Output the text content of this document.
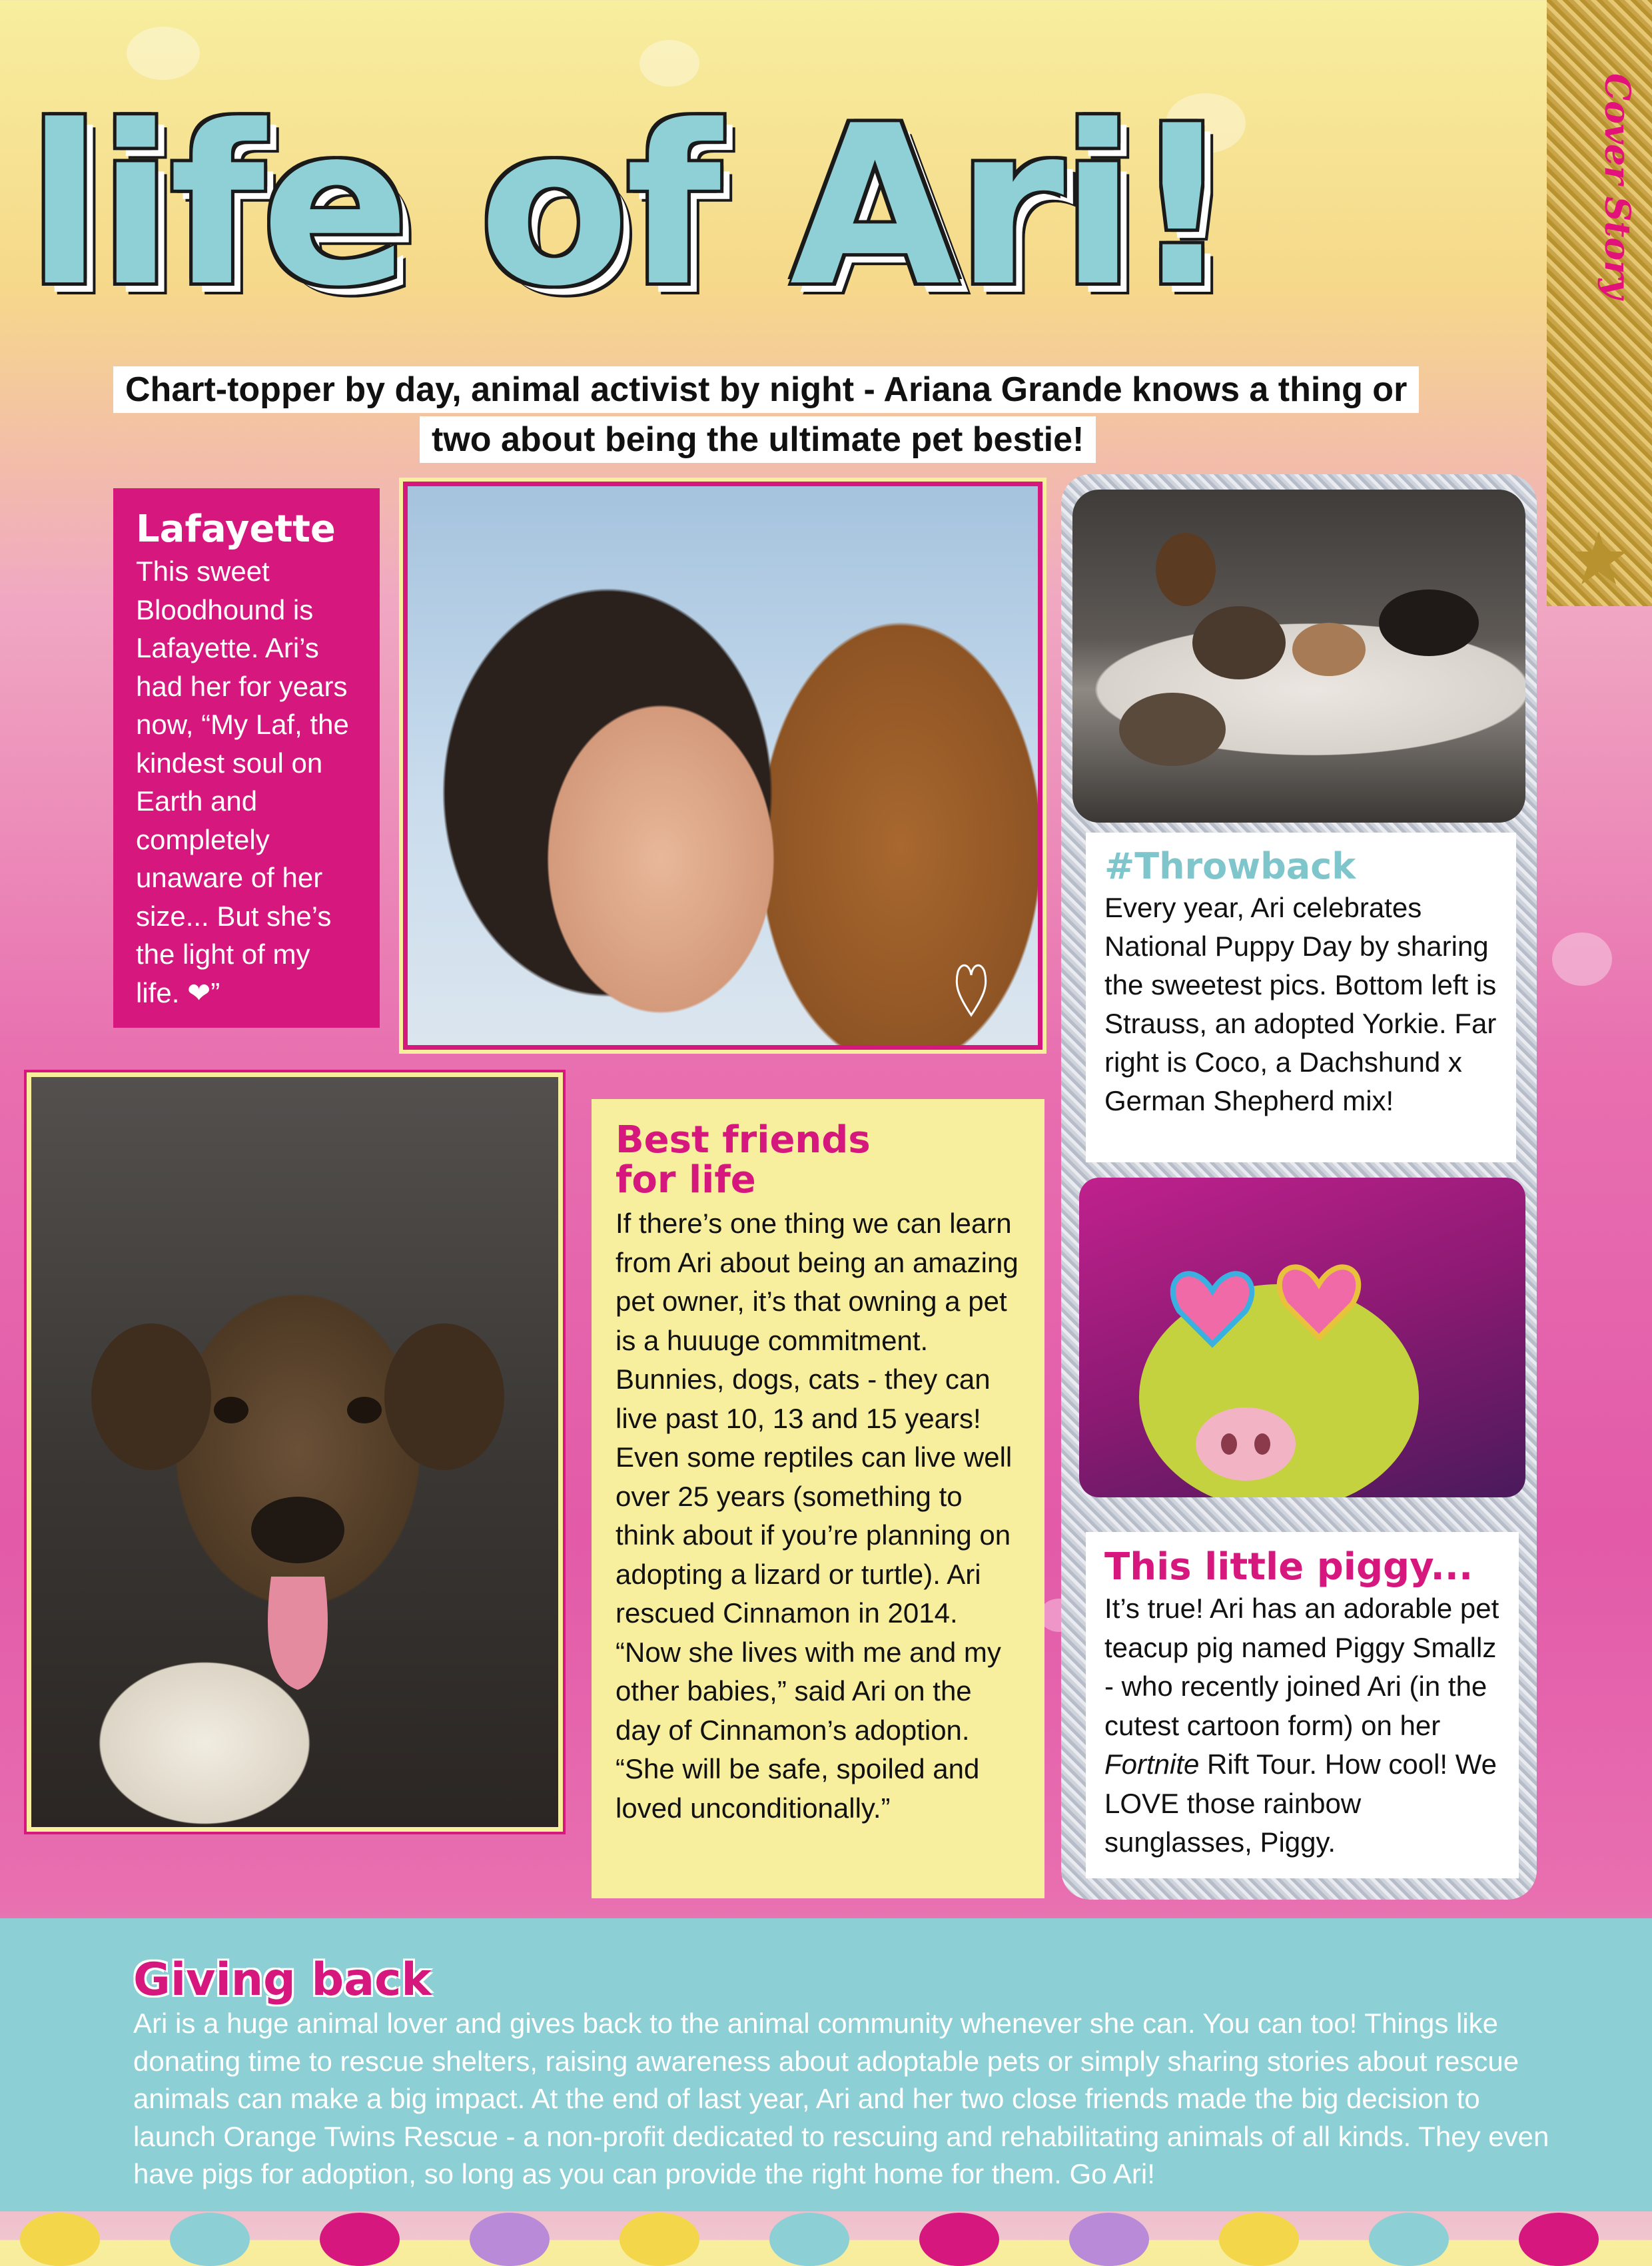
life of Ari!	Cover Story
★
Chart-topper by day, animal activist by night - Ariana Grande knows a thing or
two about being the ultimate pet bestie!
Lafayette
This sweet Bloodhound is Lafayette. Ari’s had her for years now, “My Laf, the kindest soul on Earth and completely unaware of her size... But she’s the light of my life. ❤”
#Throwback
Every year, Ari celebrates National Puppy Day by sharing the sweetest pics. Bottom left is Strauss, an adopted Yorkie. Far right is Coco, a Dachshund x German Shepherd mix!
Best friends
for life
If there’s one thing we can learn from Ari about being an amazing pet owner, it’s that owning a pet is a huuuge commitment. Bunnies, dogs, cats - they can live past 10, 13 and 15 years! Even some reptiles can live well over 25 years (something to think about if you’re planning on adopting a lizard or turtle). Ari rescued Cinnamon in 2014. “Now she lives with me and my other babies,” said Ari on the day of Cinnamon’s adoption. “She will be safe, spoiled and loved unconditionally.”
This little piggy...
It’s true! Ari has an adorable pet teacup pig named Piggy Smallz - who recently joined Ari (in the cutest cartoon form) on her Fortnite Rift Tour. How cool! We LOVE those rainbow sunglasses, Piggy.
Giving back
Ari is a huge animal lover and gives back to the animal community whenever she can. You can too! Things like donating time to rescue shelters, raising awareness about adoptable pets or simply sharing stories about rescue animals can make a big impact. At the end of last year, Ari and her two close friends made the big decision to launch Orange Twins Rescue - a non-profit dedicated to rescuing and rehabilitating animals of all kinds. They even have pigs for adoption, so long as you can provide the right home for them. Go Ari!
